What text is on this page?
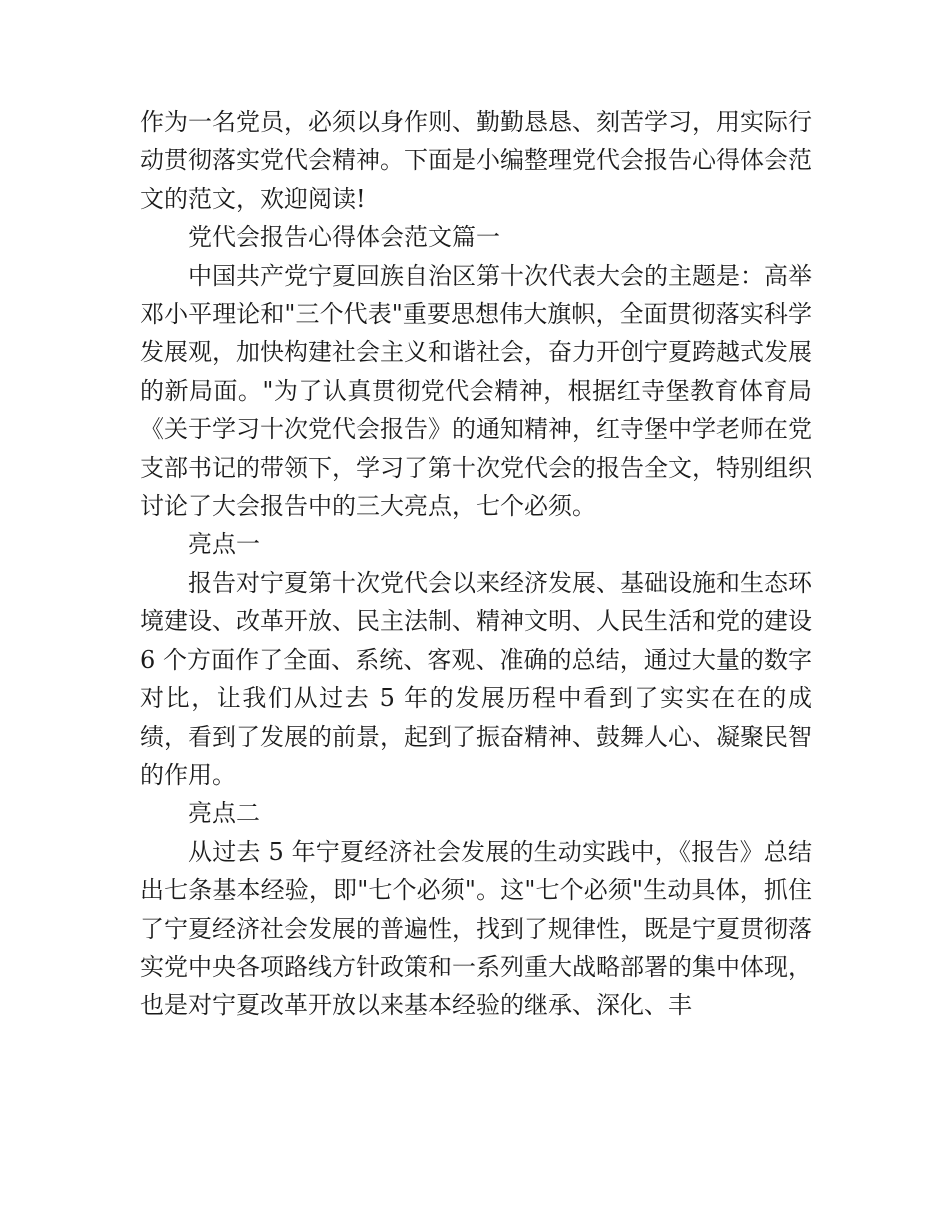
作为一名党员，必须以身作则、勤勤恳恳、刻苦学习，用实际行动贯彻落实党代会精神。下面是小编整理党代会报告心得体会范文的范文，欢迎阅读!

党代会报告心得体会范文篇一

中国共产党宁夏回族自治区第十次代表大会的主题是：高举邓小平理论和"三个代表"重要思想伟大旗帜，全面贯彻落实科学发展观，加快构建社会主义和谐社会，奋力开创宁夏跨越式发展的新局面。"为了认真贯彻党代会精神，根据红寺堡教育体育局《关于学习十次党代会报告》的通知精神，红寺堡中学老师在党支部书记的带领下，学习了第十次党代会的报告全文，特别组织讨论了大会报告中的三大亮点，七个必须。

亮点一

报告对宁夏第十次党代会以来经济发展、基础设施和生态环境建设、改革开放、民主法制、精神文明、人民生活和党的建设 6 个方面作了全面、系统、客观、准确的总结，通过大量的数字对比，让我们从过去 5 年的发展历程中看到了实实在在的成绩，看到了发展的前景，起到了振奋精神、鼓舞人心、凝聚民智的作用。

亮点二

从过去 5 年宁夏经济社会发展的生动实践中，《报告》总结出七条基本经验，即"七个必须"。这"七个必须"生动具体，抓住了宁夏经济社会发展的普遍性，找到了规律性，既是宁夏贯彻落实党中央各项路线方针政策和一系列重大战略部署的集中体现，也是对宁夏改革开放以来基本经验的继承、深化、丰
